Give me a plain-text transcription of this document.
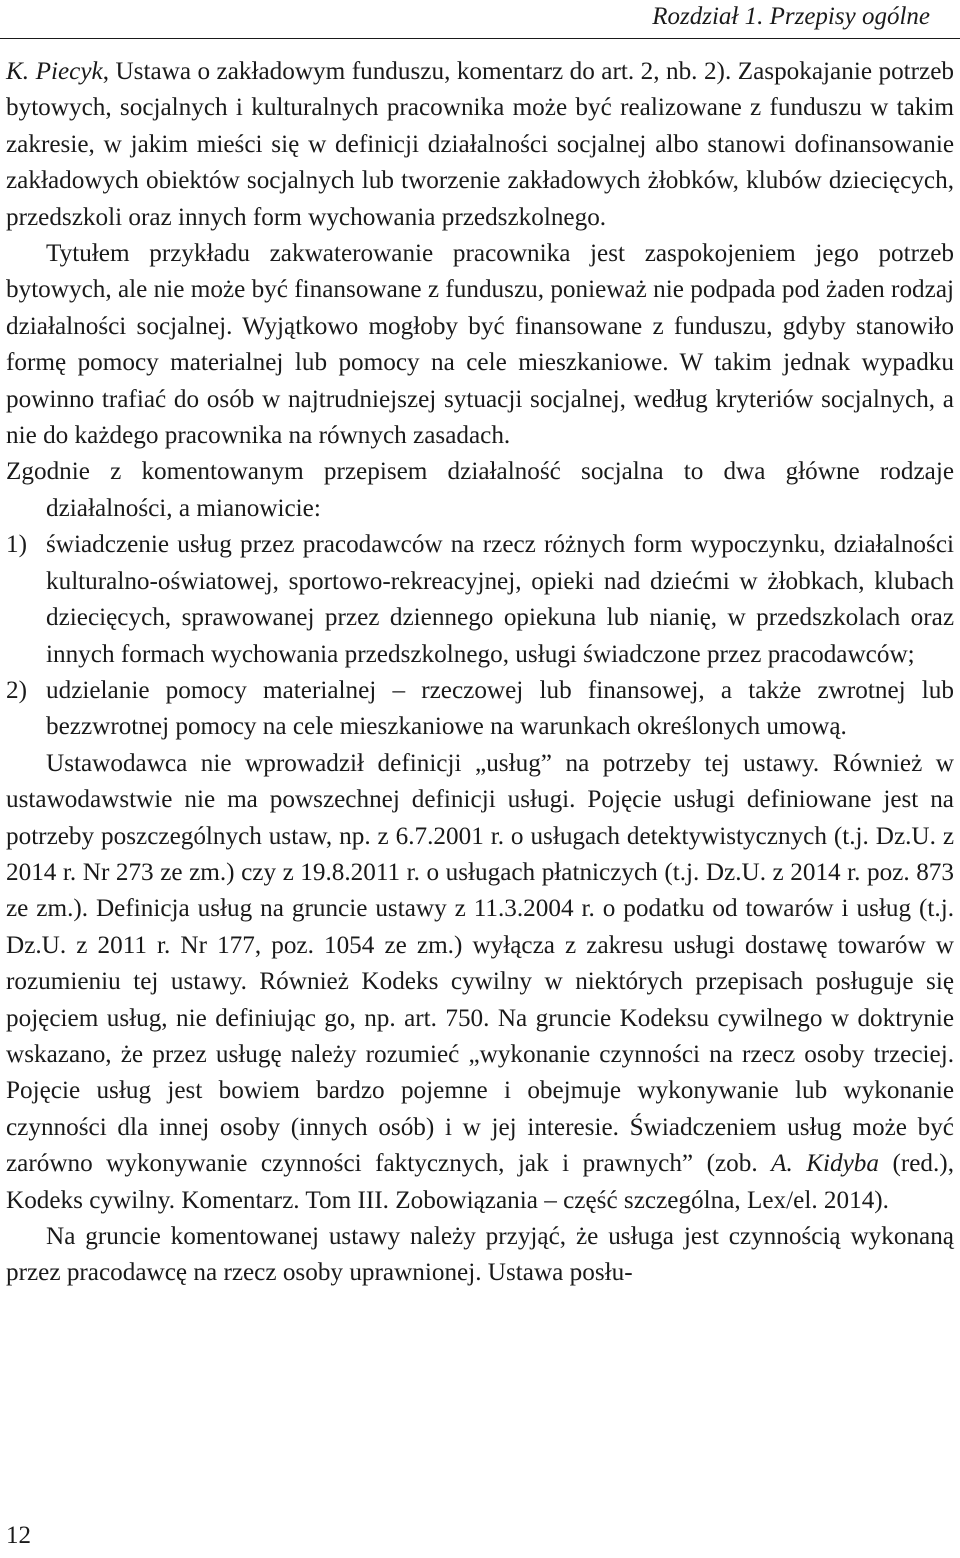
Rozdział 1. Przepisy ogólne

K. Piecyk, Ustawa o zakładowym funduszu, komentarz do art. 2, nb. 2). Zaspokajanie potrzeb bytowych, socjalnych i kulturalnych pracownika może być realizowane z funduszu w takim zakresie, w jakim mieści się w definicji działalności socjalnej albo stanowi dofinansowanie zakładowych obiektów socjalnych lub tworzenie zakładowych żłobków, klubów dziecięcych, przedszkoli oraz innych form wychowania przedszkolnego.

Tytułem przykładu zakwaterowanie pracownika jest zaspokojeniem jego potrzeb bytowych, ale nie może być finansowane z funduszu, ponieważ nie podpada pod żaden rodzaj działalności socjalnej. Wyjątkowo mogłoby być finansowane z funduszu, gdyby stanowiło formę pomocy materialnej lub pomocy na cele mieszkaniowe. W takim jednak wypadku powinno trafiać do osób w najtrudniejszej sytuacji socjalnej, według kryteriów socjalnych, a nie do każdego pracownika na równych zasadach.

Zgodnie z komentowanym przepisem działalność socjalna to dwa główne rodzaje działalności, a mianowicie:

1) świadczenie usług przez pracodawców na rzecz różnych form wypoczynku, działalności kulturalno-oświatowej, sportowo-rekreacyjnej, opieki nad dziećmi w żłobkach, klubach dziecięcych, sprawowanej przez dziennego opiekuna lub nianię, w przedszkolach oraz innych formach wychowania przedszkolnego, usługi świadczone przez pracodawców;
2) udzielanie pomocy materialnej – rzeczowej lub finansowej, a także zwrotnej lub bezzwrotnej pomocy na cele mieszkaniowe na warunkach określonych umową.

Ustawodawca nie wprowadził definicji „usług” na potrzeby tej ustawy. Również w ustawodawstwie nie ma powszechnej definicji usługi. Pojęcie usługi definiowane jest na potrzeby poszczególnych ustaw, np. z 6.7.2001 r. o usługach detektywistycznych (t.j. Dz.U. z 2014 r. Nr 273 ze zm.) czy z 19.8.2011 r. o usługach płatniczych (t.j. Dz.U. z 2014 r. poz. 873 ze zm.). Definicja usług na gruncie ustawy z 11.3.2004 r. o podatku od towarów i usług (t.j. Dz.U. z 2011 r. Nr 177, poz. 1054 ze zm.) wyłącza z zakresu usługi dostawę towarów w rozumieniu tej ustawy. Również Kodeks cywilny w niektórych przepisach posługuje się pojęciem usług, nie definiując go, np. art. 750. Na gruncie Kodeksu cywilnego w doktrynie wskazano, że przez usługę należy rozumieć „wykonanie czynności na rzecz osoby trzeciej. Pojęcie usług jest bowiem bardzo pojemne i obejmuje wykonywanie lub wykonanie czynności dla innej osoby (innych osób) i w jej interesie. Świadczeniem usług może być zarówno wykonywanie czynności faktycznych, jak i prawnych” (zob. A. Kidyba (red.), Kodeks cywilny. Komentarz. Tom III. Zobowiązania – część szczególna, Lex/el. 2014).

Na gruncie komentowanej ustawy należy przyjąć, że usługa jest czynnością wykonaną przez pracodawcę na rzecz osoby uprawnionej. Ustawa posłu-

12
